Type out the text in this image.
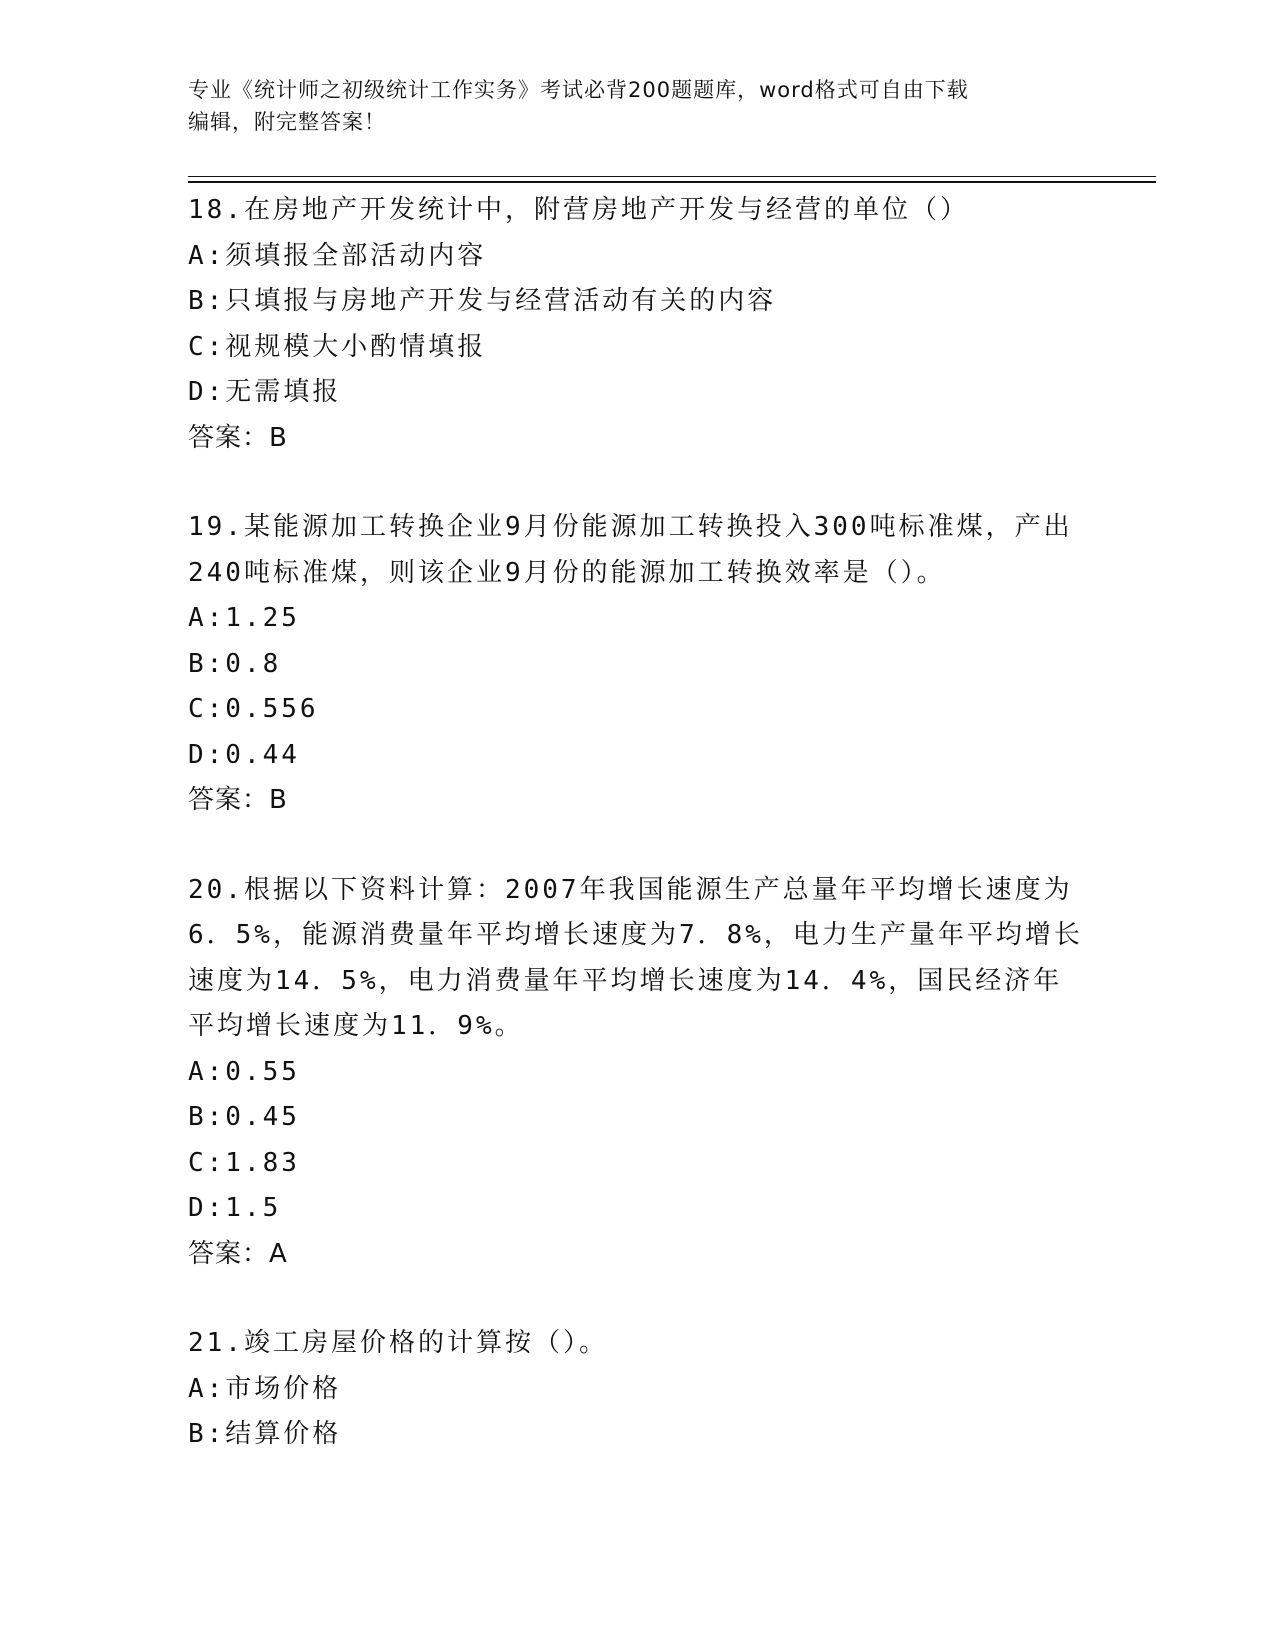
专业《统计师之初级统计工作实务》考试必背200题题库，word格式可自由下载
编辑，附完整答案！
18.在房地产开发统计中，附营房地产开发与经营的单位（）
A:须填报全部活动内容
B:只填报与房地产开发与经营活动有关的内容
C:视规模大小酌情填报
D:无需填报
答案：B
19.某能源加工转换企业9月份能源加工转换投入300吨标准煤，产出240吨标准煤，则该企业9月份的能源加工转换效率是（）。
A:1.25
B:0.8
C:0.556
D:0.44
答案：B
20.根据以下资料计算：2007年我国能源生产总量年平均增长速度为6．5%，能源消费量年平均增长速度为7．8%，电力生产量年平均增长速度为14．5%，电力消费量年平均增长速度为14．4%，国民经济年平均增长速度为11．9%。
A:0.55
B:0.45
C:1.83
D:1.5
答案：A
21.竣工房屋价格的计算按（）。
A:市场价格
B:结算价格
